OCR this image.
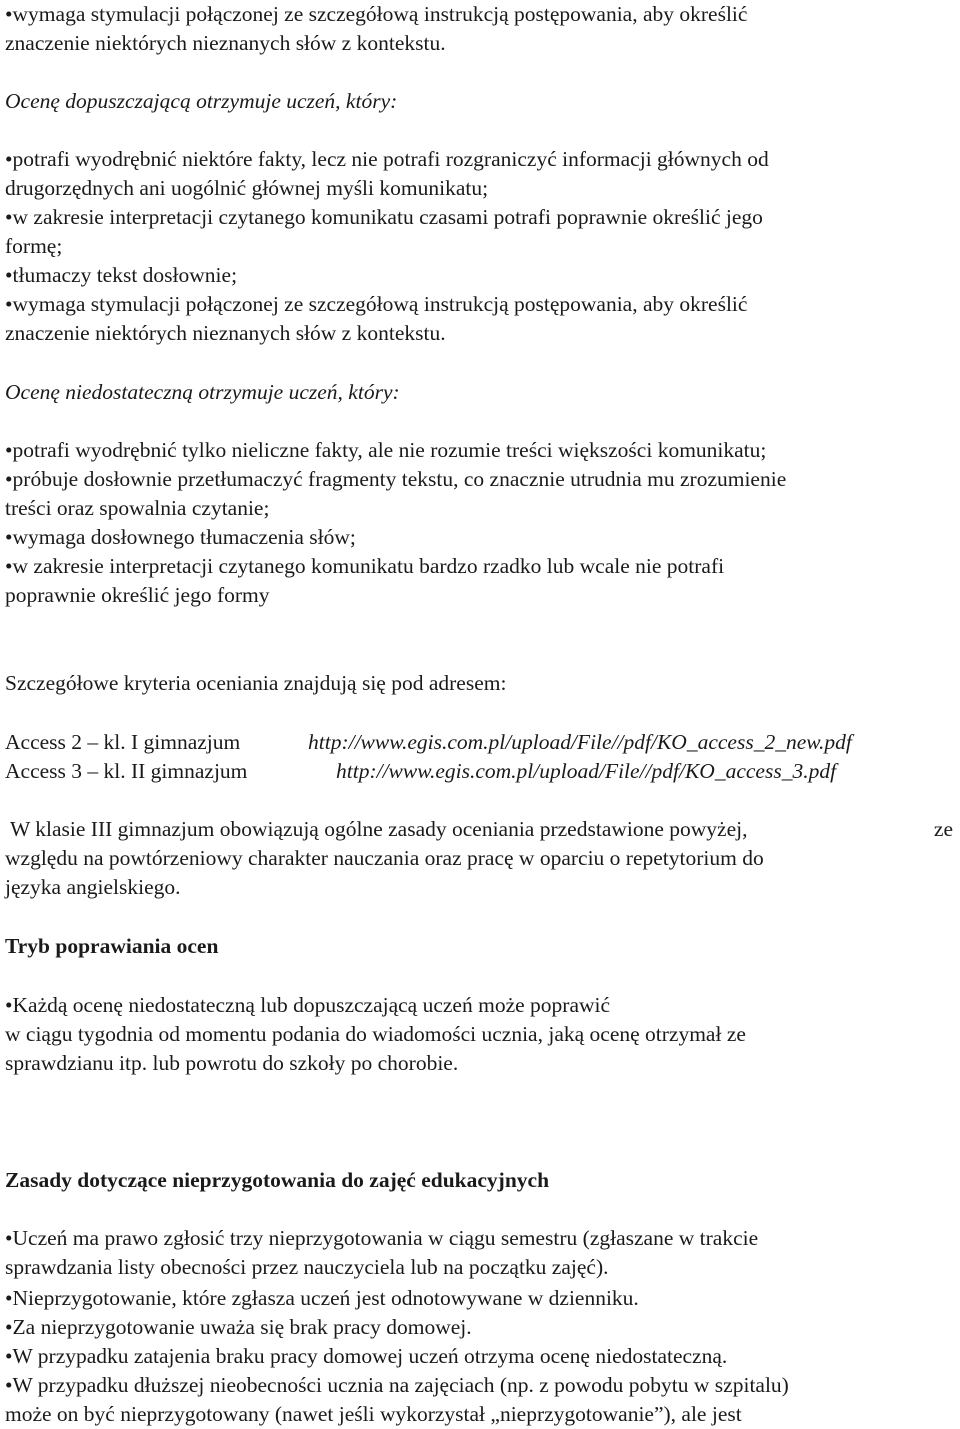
• wymaga stymulacji połączonej ze szczegółową instrukcją postępowania, aby określić

znaczenie niektórych nieznanych słów z kontekstu.

Ocenę dopuszczającą otrzymuje uczeń, który:

• potrafi wyodrębnić niektóre fakty, lecz nie potrafi rozgraniczyć informacji głównych od

drugorzędnych ani uogólnić głównej myśli komunikatu;

• w zakresie interpretacji czytanego komunikatu czasami potrafi poprawnie określić jego

formę;

• tłumaczy tekst dosłownie;

• wymaga stymulacji połączonej ze szczegółową instrukcją postępowania, aby określić

znaczenie niektórych nieznanych słów z kontekstu.

Ocenę niedostateczną otrzymuje uczeń, który:

• potrafi wyodrębnić tylko nieliczne fakty, ale nie rozumie treści większości komunikatu;

• próbuje dosłownie przetłumaczyć fragmenty tekstu, co znacznie utrudnia mu zrozumienie

treści oraz spowalnia czytanie;

• wymaga dosłownego tłumaczenia słów;

• w zakresie interpretacji czytanego komunikatu bardzo rzadko lub wcale nie potrafi

poprawnie określić jego formy

Szczegółowe kryteria oceniania znajdują się pod adresem:

Access 2 – kl. I gimnazjum	http://www.egis.com.pl/upload/File//pdf/KO_access_2_new.pdf
Access 3 – kl. II gimnazjum	http://www.egis.com.pl/upload/File//pdf/KO_access_3.pdf

W klasie III gimnazjum obowiązują ogólne zasady oceniania przedstawione powyżej,	ze

względu na powtórzeniowy charakter nauczania oraz pracę w oparciu o repetytorium do

języka angielskiego.

Tryb poprawiania ocen

• Każdą ocenę niedostateczną lub dopuszczającą uczeń może poprawić

w ciągu tygodnia od momentu podania do wiadomości ucznia, jaką ocenę otrzymał ze

sprawdzianu itp. lub powrotu do szkoły po chorobie.

Zasady dotyczące nieprzygotowania do zajęć edukacyjnych

• Uczeń ma prawo zgłosić trzy nieprzygotowania w ciągu semestru (zgłaszane w trakcie

sprawdzania listy obecności przez nauczyciela lub na początku zajęć).

• Nieprzygotowanie, które zgłasza uczeń jest odnotowywane w dzienniku.

• Za nieprzygotowanie uważa się brak pracy domowej.

• W przypadku zatajenia braku pracy domowej uczeń otrzyma ocenę niedostateczną.

• W przypadku dłuższej nieobecności ucznia na zajęciach (np. z powodu pobytu w szpitalu)

może on być nieprzygotowany (nawet jeśli wykorzystał „nieprzygotowanie”), ale jest
